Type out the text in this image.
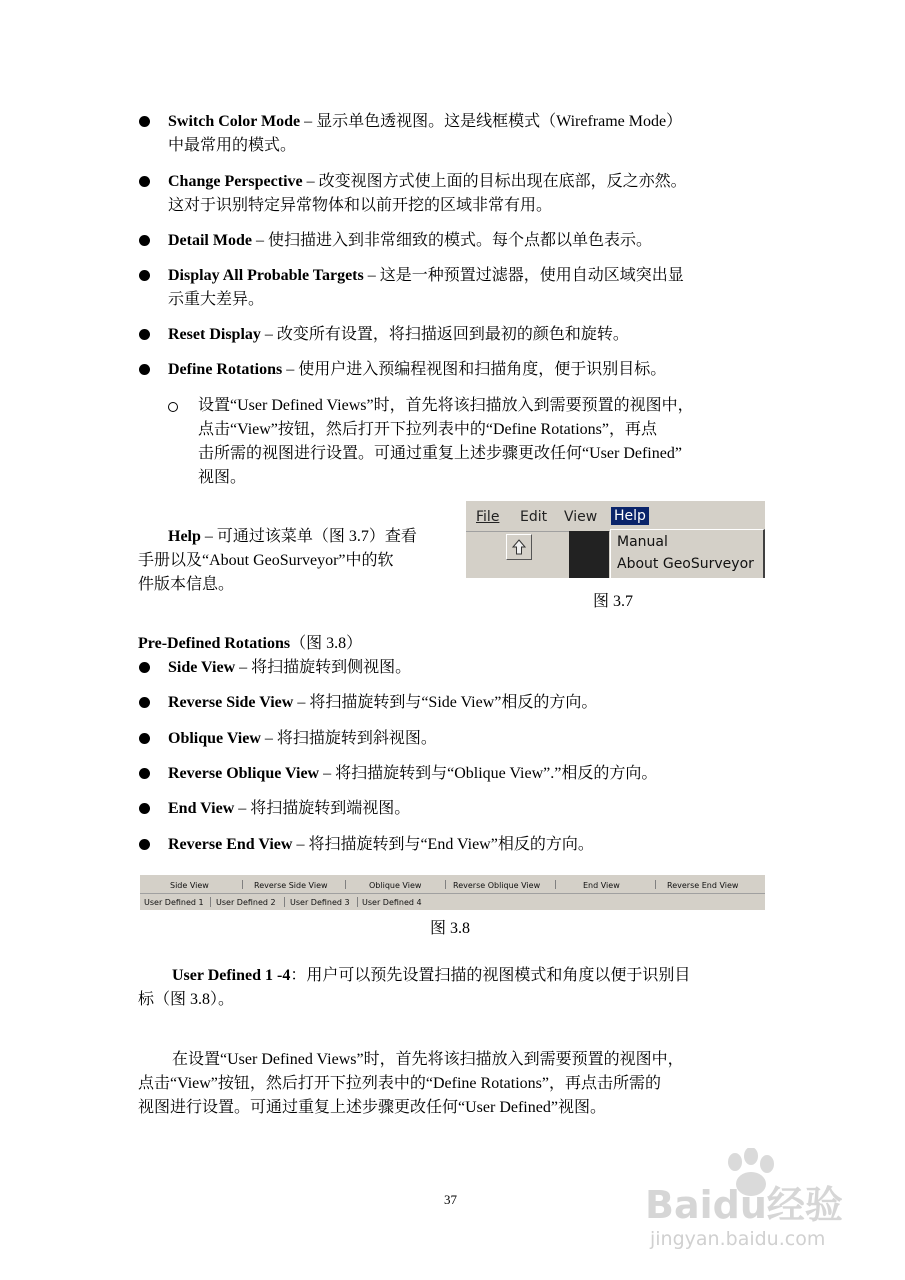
Switch Color Mode – 显示单色透视图。这是线框模式（Wireframe Mode）
中最常用的模式。
Change Perspective – 改变视图方式使上面的目标出现在底部，反之亦然。
这对于识别特定异常物体和以前开挖的区域非常有用。
Detail Mode – 使扫描进入到非常细致的模式。每个点都以单色表示。
Display All Probable Targets – 这是一种预置过滤器，使用自动区域突出显
示重大差异。
Reset Display – 改变所有设置，将扫描返回到最初的颜色和旋转。
Define Rotations – 使用户进入预编程视图和扫描角度，便于识别目标。
设置“User Defined Views”时，首先将该扫描放入到需要预置的视图中，
点击“View”按钮，然后打开下拉列表中的“Define Rotations”，再点
击所需的视图进行设置。可通过重复上述步骤更改任何“User Defined”
视图。
Help – 可通过该菜单（图 3.7）查看
手册以及“About GeoSurveyor”中的软
件版本信息。
File Edit View Help
Manual
About GeoSurveyor
图 3.7
Pre-Defined Rotations（图 3.8）
Side View – 将扫描旋转到侧视图。
Reverse Side View – 将扫描旋转到与“Side View”相反的方向。
Oblique View – 将扫描旋转到斜视图。
Reverse Oblique View – 将扫描旋转到与“Oblique View”.”相反的方向。
End View – 将扫描旋转到端视图。
Reverse End View – 将扫描旋转到与“End View”相反的方向。
Side View	Reverse Side View	Oblique View	Reverse Oblique View	End View	Reverse End View
User Defined 1 User Defined 2 User Defined 3 User Defined 4
图 3.8
User Defined 1 -4：用户可以预先设置扫描的视图模式和角度以便于识别目
标（图 3.8）。
在设置“User Defined Views”时，首先将该扫描放入到需要预置的视图中，
点击“View”按钮，然后打开下拉列表中的“Define Rotations”，再点击所需的
视图进行设置。可通过重复上述步骤更改任何“User Defined”视图。
37	Baidu经验
jingyan.baidu.com
